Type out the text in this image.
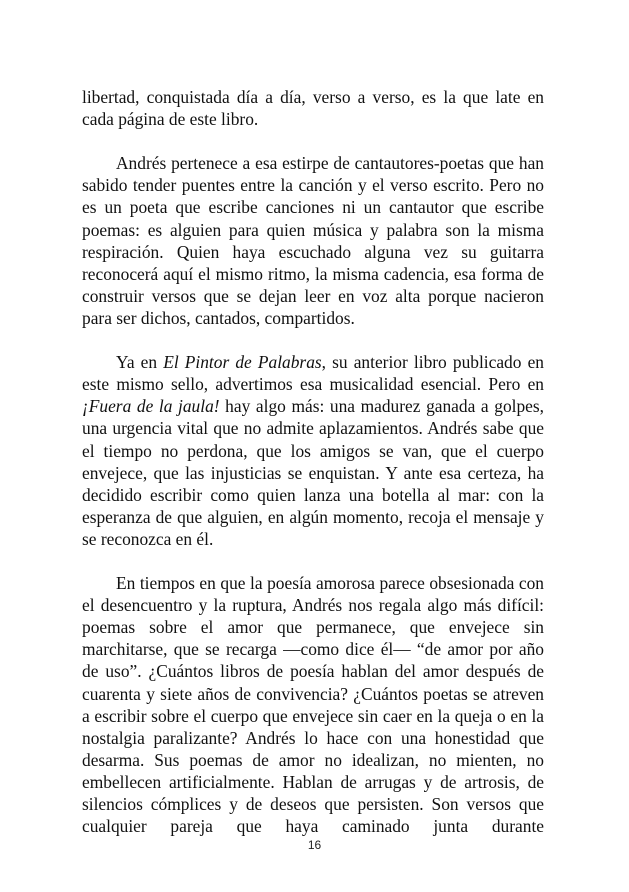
libertad, conquistada día a día, verso a verso, es la que late en cada página de este libro.

Andrés pertenece a esa estirpe de cantautores-poetas que han sabido tender puentes entre la canción y el verso escrito. Pero no es un poeta que escribe canciones ni un cantautor que escribe poemas: es alguien para quien música y palabra son la misma respiración. Quien haya escuchado alguna vez su guitarra reconocerá aquí el mismo ritmo, la misma cadencia, esa forma de construir versos que se dejan leer en voz alta porque nacieron para ser dichos, cantados, compartidos.

Ya en El Pintor de Palabras, su anterior libro publicado en este mismo sello, advertimos esa musicalidad esencial. Pero en ¡Fuera de la jaula! hay algo más: una madurez ganada a golpes, una urgencia vital que no admite aplazamientos. Andrés sabe que el tiempo no perdona, que los amigos se van, que el cuerpo envejece, que las injusticias se enquistan. Y ante esa certeza, ha decidido escribir como quien lanza una botella al mar: con la esperanza de que alguien, en algún momento, recoja el mensaje y se reconozca en él.

En tiempos en que la poesía amorosa parece obsesionada con el desencuentro y la ruptura, Andrés nos regala algo más difícil: poemas sobre el amor que permanece, que envejece sin marchitarse, que se recarga —como dice él— “de amor por año de uso”. ¿Cuántos libros de poesía hablan del amor después de cuarenta y siete años de convivencia? ¿Cuántos poetas se atreven a escribir sobre el cuerpo que envejece sin caer en la queja o en la nostalgia paralizante? Andrés lo hace con una honestidad que desarma. Sus poemas de amor no idealizan, no mienten, no embellecen artificialmente. Hablan de arrugas y de artrosis, de silencios cómplices y de deseos que persisten. Son versos que cualquier pareja que haya caminado junta durante

16
